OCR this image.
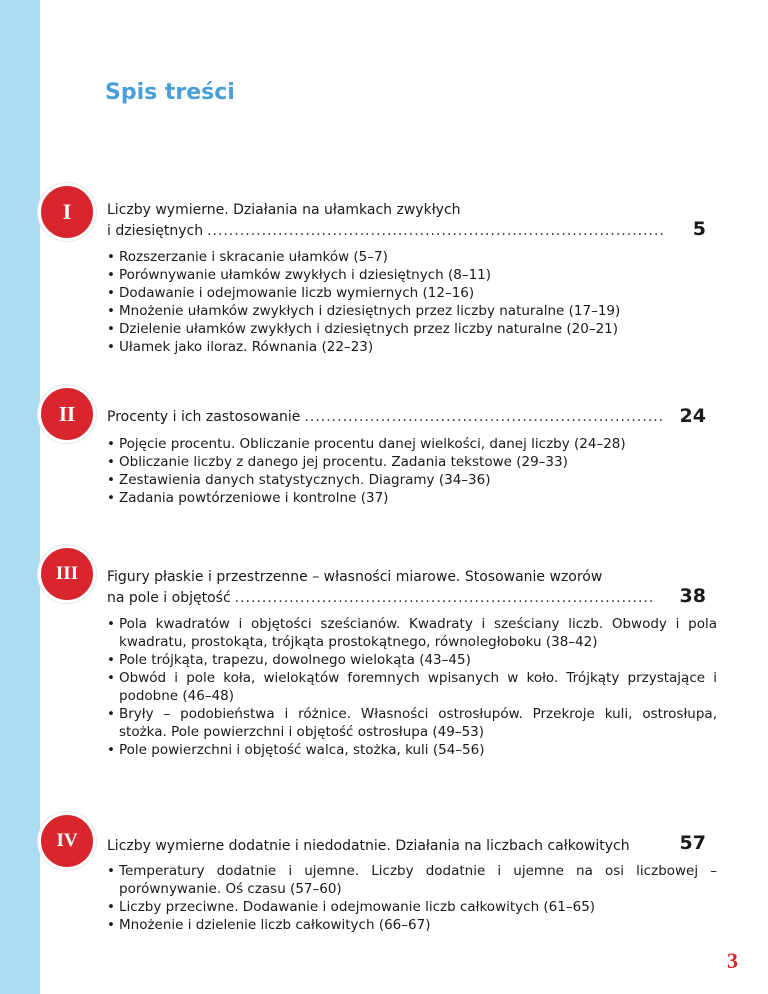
Spis treści
I	Liczby wymierne. Działania na ułamkach zwykłych
i dziesiętnych .....	5
• Rozszerzanie i skracanie ułamków (5–7)
• Porównywanie ułamków zwykłych i dziesiętnych (8–11)
• Dodawanie i odejmowanie liczb wymiernych (12–16)
• Mnożenie ułamków zwykłych i dziesiętnych przez liczby naturalne (17–19)
• Dzielenie ułamków zwykłych i dziesiętnych przez liczby naturalne (20–21)
• Ułamek jako iloraz. Równania (22–23)
II Procenty i ich zastosowanie .....	24
• Pojęcie procentu. Obliczanie procentu danej wielkości, danej liczby (24–28)
• Obliczanie liczby z danego jej procentu. Zadania tekstowe (29–33)
• Zestawienia danych statystycznych. Diagramy (34–36)
• Zadania powtórzeniowe i kontrolne (37)
III Figury płaskie i przestrzenne – własności miarowe. Stosowanie wzorów
na pole i objętość .....	38
• Pola kwadratów i objętości sześcianów. Kwadraty i sześciany liczb. Obwody i pola kwadratu, prostokąta, trójkąta prostokątnego, równoległoboku (38–42)
• Pole trójkąta, trapezu, dowolnego wielokąta (43–45)
• Obwód i pole koła, wielokątów foremnych wpisanych w koło. Trójkąty przystające i podobne (46–48)
• Bryły – podobieństwa i różnice. Własności ostrosłupów. Przekroje kuli, ostrosłupa, stożka. Pole powierzchni i objętość ostrosłupa (49–53)
• Pole powierzchni i objętość walca, stożka, kuli (54–56)
IV Liczby wymierne dodatnie i niedodatnie. Działania na liczbach całkowitych	57
• Temperatury dodatnie i ujemne. Liczby dodatnie i ujemne na osi liczbowej – porównywanie. Oś czasu (57–60)
• Liczby przeciwne. Dodawanie i odejmowanie liczb całkowitych (61–65)
• Mnożenie i dzielenie liczb całkowitych (66–67)
3
